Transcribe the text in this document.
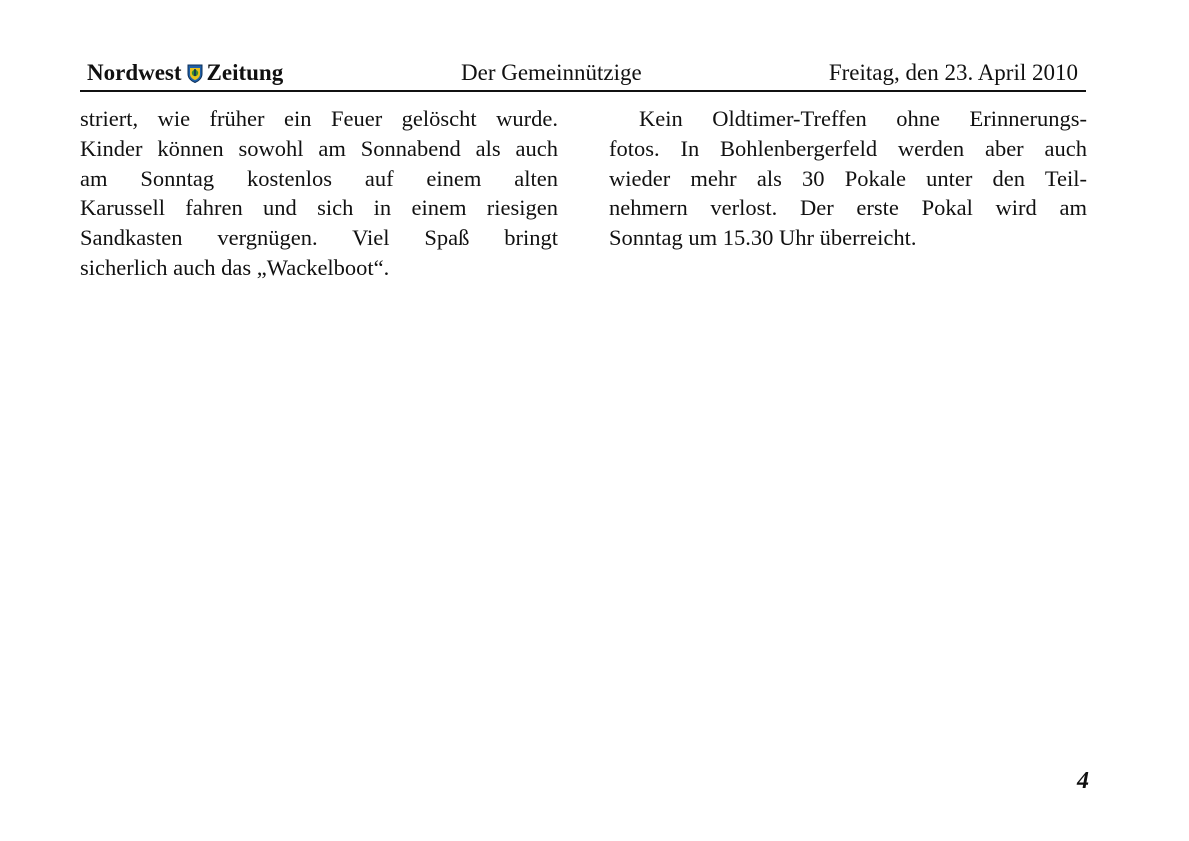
Nordwest Zeitung	Der Gemeinnützige	Freitag, den 23. April 2010
striert, wie früher ein Feuer gelöscht wurde.
Kinder können sowohl am Sonnabend als auch
am Sonntag kostenlos auf einem alten
Karussell fahren und sich in einem riesigen
Sandkasten vergnügen. Viel Spaß bringt
sicherlich auch das „Wackelboot“.
Kein Oldtimer-Treffen ohne Erinnerungs-
fotos. In Bohlenbergerfeld werden aber auch
wieder mehr als 30 Pokale unter den Teil-
nehmern verlost. Der erste Pokal wird am
Sonntag um 15.30 Uhr überreicht.
4
